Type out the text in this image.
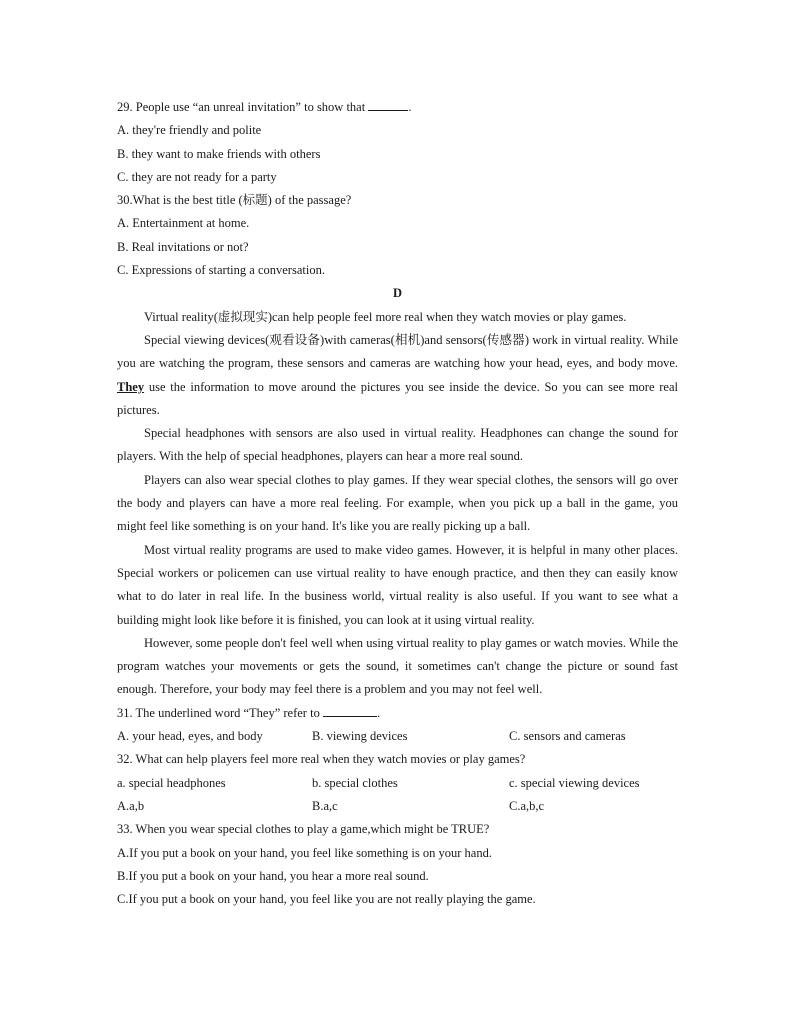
29. People use “an unreal invitation” to show that	.
A. they're friendly and polite
B. they want to make friends with others
C. they are not ready for a party
30.What is the best title (标题) of the passage?
A. Entertainment at home.
B. Real invitations or not?
C. Expressions of starting a conversation.
D

Virtual reality(虚拟现实)can help people feel more real when they watch movies or play games.

Special viewing devices(观看设备)with cameras(相机)and sensors(传感器) work in virtual reality. While you are watching the program, these sensors and cameras are watching how your head, eyes, and body move. They use the information to move around the pictures you see inside the device. So you can see more real pictures.

Special headphones with sensors are also used in virtual reality. Headphones can change the sound for players. With the help of special headphones, players can hear a more real sound.

Players can also wear special clothes to play games. If they wear special clothes, the sensors will go over the body and players can have a more real feeling. For example, when you pick up a ball in the game, you might feel like something is on your hand. It's like you are really picking up a ball.

Most virtual reality programs are used to make video games. However, it is helpful in many other places. Special workers or policemen can use virtual reality to have enough practice, and then they can easily know what to do later in real life. In the business world, virtual reality is also useful. If you want to see what a building might look like before it is finished, you can look at it using virtual reality.

However, some people don't feel well when using virtual reality to play games or watch movies. While the program watches your movements or gets the sound, it sometimes can't change the picture or sound fast enough. Therefore, your body may feel there is a problem and you may not feel well.

31. The underlined word “They” refer to	.
A. your head, eyes, and body	B. viewing devices	C. sensors and cameras
32. What can help players feel more real when they watch movies or play games?
a. special headphones	b. special clothes	c. special viewing devices
A.a,b	B.a,c	C.a,b,c
33. When you wear special clothes to play a game,which might be TRUE?
A.If you put a book on your hand, you feel like something is on your hand.
B.If you put a book on your hand, you hear a more real sound.
C.If you put a book on your hand, you feel like you are not really playing the game.
